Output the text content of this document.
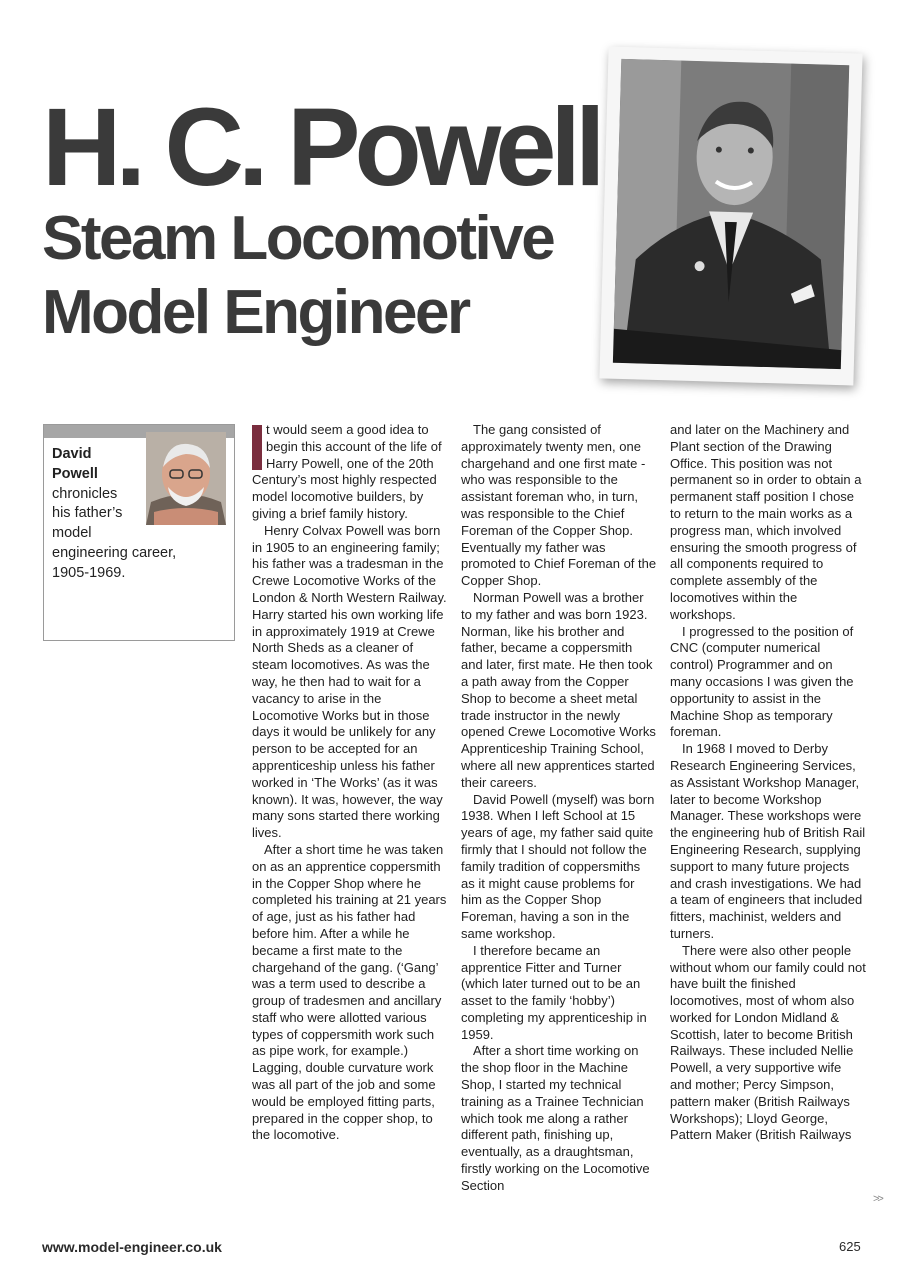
H. C. Powell
Steam Locomotive
Model Engineer
David
Powell
chronicles
his father’s
model
engineering career,
1905-1969.

t would seem a good idea to begin this account of the life of Harry Powell, one of the 20th Century’s most highly respected model locomotive builders, by giving a brief family history.

Henry Colvax Powell was born in 1905 to an engineering family; his father was a tradesman in the Crewe Locomotive Works of the London & North Western Railway. Harry started his own working life in approximately 1919 at Crewe North Sheds as a cleaner of steam locomotives. As was the way, he then had to wait for a vacancy to arise in the Locomotive Works but in those days it would be unlikely for any person to be accepted for an apprenticeship unless his father worked in ‘The Works’ (as it was known). It was, however, the way many sons started there working lives.

After a short time he was taken on as an apprentice coppersmith in the Copper Shop where he completed his training at 21 years of age, just as his father had before him. After a while he became a first mate to the chargehand of the gang. (‘Gang’ was a term used to describe a group of tradesmen and ancillary staff who were allotted various types of coppersmith work such as pipe work, for example.) Lagging, double curvature work was all part of the job and some would be employed fitting parts, prepared in the copper shop, to the locomotive.

The gang consisted of approximately twenty men, one chargehand and one first mate - who was responsible to the assistant foreman who, in turn, was responsible to the Chief Foreman of the Copper Shop. Eventually my father was promoted to Chief Foreman of the Copper Shop.

Norman Powell was a brother to my father and was born 1923. Norman, like his brother and father, became a coppersmith and later, first mate. He then took a path away from the Copper Shop to become a sheet metal trade instructor in the newly opened Crewe Locomotive Works Apprenticeship Training School, where all new apprentices started their careers.

David Powell (myself) was born 1938. When I left School at 15 years of age, my father said quite firmly that I should not follow the family tradition of coppersmiths as it might cause problems for him as the Copper Shop Foreman, having a son in the same workshop.

I therefore became an apprentice Fitter and Turner (which later turned out to be an asset to the family ‘hobby’) completing my apprenticeship in 1959.

After a short time working on the shop floor in the Machine Shop, I started my technical training as a Trainee Technician which took me along a rather different path, finishing up, eventually, as a draughtsman, firstly working on the Locomotive Section

and later on the Machinery and Plant section of the Drawing Office. This position was not permanent so in order to obtain a permanent staff position I chose to return to the main works as a progress man, which involved ensuring the smooth progress of all components required to complete assembly of the locomotives within the workshops.

I progressed to the position of CNC (computer numerical control) Programmer and on many occasions I was given the opportunity to assist in the Machine Shop as temporary foreman.

In 1968 I moved to Derby Research Engineering Services, as Assistant Workshop Manager, later to become Workshop Manager. These workshops were the engineering hub of British Rail Engineering Research, supplying support to many future projects and crash investigations. We had a team of engineers that included fitters, machinist, welders and turners.

There were also other people without whom our family could not have built the finished locomotives, most of whom also worked for London Midland & Scottish, later to become British Railways. These included Nellie Powell, a very supportive wife and mother; Percy Simpson, pattern maker (British Railways Workshops); Lloyd George, Pattern Maker (British Railways

>>
www.model-engineer.co.uk	625
